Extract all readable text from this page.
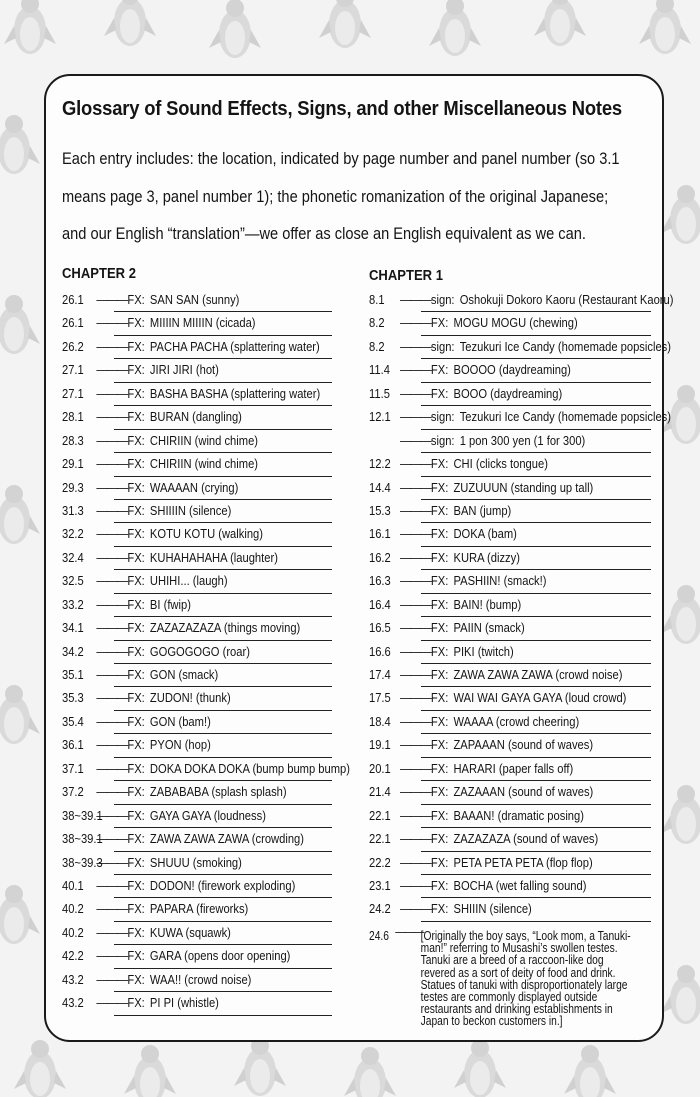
Glossary of Sound Effects, Signs, and other Miscellaneous Notes
Each entry includes: the location, indicated by page number and panel number (so 3.1
means page 3, panel number 1); the phonetic romanization of the original Japanese;
and our English “translation”—we offer as close an English equivalent as we can.
CHAPTER 2	CHAPTER 1
26.1 ———FX: SAN SAN (sunny)
26.1 ———FX: MIIIIN MIIIIN (cicada)
26.2 ———FX: PACHA PACHA (splattering water)
27.1 ———FX: JIRI JIRI (hot)
27.1 ———FX: BASHA BASHA (splattering water)
28.1 ———FX: BURAN (dangling)
28.3 ———FX: CHIRIIN (wind chime)
29.1 ———FX: CHIRIIN (wind chime)
29.3 ———FX: WAAAAN (crying)
31.3 ———FX: SHIIIIN (silence)
32.2 ———FX: KOTU KOTU (walking)
32.4 ———FX: KUHAHAHAHA (laughter)
32.5 ———FX: UHIHI... (laugh)
33.2 ———FX: BI (fwip)
34.1 ———FX: ZAZAZAZAZA (things moving)
34.2 ———FX: GOGOGOGO (roar)
35.1 ———FX: GON (smack)
35.3 ———FX: ZUDON! (thunk)
35.4 ———FX: GON (bam!)
36.1 ———FX: PYON (hop)
37.1 ———FX: DOKA DOKA DOKA (bump bump bump)
37.2 ———FX: ZABABABA (splash splash)
38~39.1———FX: GAYA GAYA (loudness)
38~39.1———FX: ZAWA ZAWA ZAWA (crowding)
38~39.3———FX: SHUUU (smoking)
40.1 ———FX: DODON! (firework exploding)
40.2 ———FX: PAPARA (fireworks)
40.2 ———FX: KUWA (squawk)
42.2 ———FX: GARA (opens door opening)
43.2 ———FX: WAA!! (crowd noise)
43.2 ———FX: PI PI (whistle)
8.1 ———sign: Oshokuji Dokoro Kaoru (Restaurant Kaoru)
8.2 ———FX: MOGU MOGU (chewing)
8.2 ———sign: Tezukuri Ice Candy (homemade popsicles)
11.4 ———FX: BOOOO (daydreaming)
11.5 ———FX: BOOO (daydreaming)
12.1 ———sign: Tezukuri Ice Candy (homemade popsicles)
———sign: 1 pon 300 yen (1 for 300)
12.2 ———FX: CHI (clicks tongue)
14.4 ———FX: ZUZUUUN (standing up tall)
15.3 ———FX: BAN (jump)
16.1 ———FX: DOKA (bam)
16.2 ———FX: KURA (dizzy)
16.3 ———FX: PASHIIN! (smack!)
16.4 ———FX: BAIN! (bump)
16.5 ———FX: PAIIN (smack)
16.6 ———FX: PIKI (twitch)
17.4 ———FX: ZAWA ZAWA ZAWA (crowd noise)
17.5 ———FX: WAI WAI GAYA GAYA (loud crowd)
18.4 ———FX: WAAAA (crowd cheering)
19.1 ———FX: ZAPAAAN (sound of waves)
20.1 ———FX: HARARI (paper falls off)
21.4 ———FX: ZAZAAAN (sound of waves)
22.1 ———FX: BAAAN! (dramatic posing)
22.1 ———FX: ZAZAZAZA (sound of waves)
22.2 ———FX: PETA PETA PETA (flop flop)
23.1 ———FX: BOCHA (wet falling sound)
24.2 ———FX: SHIIIN (silence)
24.6 ———
[Originally the boy says, “Look mom, a Tanuki-man!” referring to Musashi’s swollen testes. Tanuki are a breed of a raccoon-like dog revered as a sort of deity of food and drink. Statues of tanuki with disproportionately large testes are commonly displayed outside restaurants and drinking establishments in Japan to beckon customers in.]
